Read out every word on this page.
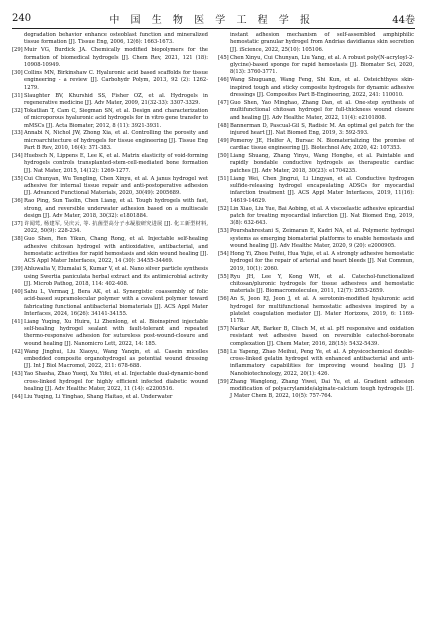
240	中 国 生 物 医 学 工 程 学 报	44卷

degradation behavior enhance osteoblast function and mineralized tissue formation [J]. Tissue Eng, 2006, 12(6): 1663-1673.

[29]Muir VG, Burdick JA. Chemically modified biopolymers for the formation of biomedical hydrogels [J]. Chem Rev, 2021, 121 (18): 10908-10949.

[30]Collins MN, Birkinshaw C. Hyaluronic acid based scaffolds for tissue engineering - a review [J]. Carbohydr Polym, 2013, 92 (2): 1262-1279.

[31]Slaughter BV, Khurshid SS, Fisher OZ, et al. Hydrogels in regenerative medicine [J]. Adv Mater, 2009, 21(32-33): 3307-3329.

[32]Tokatlian T, Cam C, Siegman SN, et al. Design and characterization of microporous hyaluronic acid hydrogels for in vitro gene transfer to mMSCs [J]. Acta Biomater, 2012, 8 (11): 3921-3931.

[33]Annabi N, Nichol JW, Zhong Xia, et al. Controlling the porosity and microarchitecture of hydrogels for tissue engineering [J]. Tissue Eng Part B Rev, 2010, 16(4): 371-383.

[34]Huebsch N, Lippens E, Lee K, et al. Matrix elasticity of void-forming hydrogels controls transplanted-stem-cell-mediated bone formation [J]. Nat Mater, 2015, 14(12): 1269-1277.

[35]Cui Chunyan, Wu Tengling, Chen Xinyu, et al. A janus hydrogel wet adhesive for internal tissue repair and anti-postoperative adhesion [J]. Advanced Functional Materials, 2020, 30(49): 2005689.

[36]Rao Ping, Sun Taolin, Chen Liang, et al. Tough hydrogels with fast, strong, and reversible underwater adhesion based on a multiscale design [J]. Adv Mater, 2018, 30(32): e1801884.

[37]许闻莺, 杨建军, 吴庆云, 等. 抗菌型高分子水凝胶研究进展 [J]. 化工新型材料, 2022, 50(9): 228-234.

[38]Guo Shen, Ren Yikun, Chang Rong, et al. Injectable self-healing adhesive chitosan hydrogel with antioxidative, antibacterial, and hemostatic activities for rapid hemostasis and skin wound healing [J]. ACS Appl Mater Interfaces, 2022, 14 (30): 34455-34469.

[39]Ahluwalia V, Elumalai S, Kumar V, et al. Nano silver particle synthesis using Swertia paniculata herbal extract and its antimicrobial activity [J]. Microb Pathog, 2018, 114: 402-408.

[40]Sahu L, Vermaq J, Bera AK, et al. Synergistic coassembly of folic acid-based supramolecular polymer with a covalent polymer toward fabricating functional antibacterial biomaterials [J]. ACS Appl Mater Interfaces, 2024, 16(26): 34141-34155.

[41]Liang Yuqing, Xu Huiru, Li Zhenlong, et al. Bioinspired injectable self-healing hydrogel sealant with fault-tolerant and repeated thermo-responsive adhesion for sutureless post-wound-closure and wound healing [J]. Nanomicro Lett, 2022, 14: 185.

[42]Wang Jinghui, Liu Xiaoyu, Wang Yanqin, et al. Casein micelles embedded composite organohydrogel as potential wound dressing [J]. Int J Biol Macromol, 2022, 211: 678-688.

[43]Yao Shasha, Zhao Yueqi, Xu Yifei, et al. Injectable dual-dynamic-bond cross-linked hydrogel for highly efficient infected diabetic wound healing [J]. Adv Healthc Mater, 2022, 11 (14): e2200516.

[44]Liu Yuqing, Li Yinghao, Shang Haitao, et al. Underwater

instant adhesion mechanism of self-assembled amphiphilic hemostatic granular hydrogel from Andrias davidianus skin secretion [J]. iScience, 2022, 25(10): 105106.

[45]Chen Xinyu, Cui Chunyan, Liu Yang, et al. A robust poly(N-acryloyl-2-glycine)-based sponge for rapid hemostasis [J]. Biomater Sci, 2020, 8(13): 3760-3771.

[46]Wang Shuguang, Wang Feng, Shi Kun, et al. Osteichthyes skin-inspired tough and sticky composite hydrogels for dynamic adhesive dressings [J]. Composites Part B-Engineering, 2022, 241: 110010.

[47]Guo Shen, Yao Minghao, Zhang Dan, et al. One-step synthesis of multifunctional chitosan hydrogel for full-thickness wound closure and healing [J]. Adv Healthc Mater, 2022, 11(4): e2101808.

[48]Bannerman D, Pascual-Gil S, Radisic M. An optimal gel patch for the injured heart [J]. Nat Biomed Eng, 2019, 3: 592-593.

[49]Pomeroy JE, Helfer A, Bursac N. Biomaterializing the promise of cardiac tissue engineering [J]. Biotechnol Adv, 2020, 42: 107353.

[50]Liang Shuang, Zhang Yinyu, Wang Honghe, et al. Paintable and rapidly bondable conductive hydrogels as therapeutic cardiac patches [J]. Adv Mater, 2018, 30(23): e1704235.

[51]Liang Wei, Chen Jingrui, Li Lingyan, et al. Conductive hydrogen sulfide-releasing hydrogel encapsulating ADSCs for myocardial infarction treatment [J]. ACS Appl Mater Interfaces, 2019, 11(16): 14619-14629.

[52]Lin Xiao, Liu Yue, Bai Aobing, et al. A viscoelastic adhesive epicardial patch for treating myocardial infarction [J]. Nat Biomed Eng, 2019, 3(8): 632-643.

[53]Pourshahrestani S, Zeimaran E, Kadri NA, et al. Polymeric hydrogel systems as emerging biomaterial platforms to enable hemostasis and wound healing [J]. Adv Healthc Mater, 2020, 9 (20): e2000905.

[54]Hong Yi, Zhou Feifei, Hua Yujie, et al. A strongly adhesive hemostatic hydrogel for the repair of arterial and heart bleeds [J]. Nat Commun, 2019, 10(1): 2060.

[55]Ryu JH, Lee Y, Kong WH, et al. Catechol-functionalized chitosan/pluronic hydrogels for tissue adhesives and hemostatic materials [J]. Biomacromolecules, 2011, 12(7): 2653-2659.

[56]An S, Jeon EJ, Jeon J, et al. A serotonin-modified hyaluronic acid hydrogel for multifunctional hemostatic adhesives inspired by a platelet coagulation mediator [J]. Mater Horizons, 2019, 6: 1169-1178.

[57]Narkar AR, Barker B, Clisch M, et al. pH responsive and oxidation resistant wet adhesive based on reversible catechol-boronate complexation [J]. Chem Mater, 2016, 28(15): 5432-5439.

[58]Lu Yapeng, Zhao Meihui, Peng Ye, et al. A physicochemical double-cross-linked gelatin hydrogel with enhanced antibacterial and anti-inflammatory capabilities for improving wound healing [J]. J Nanobiotechnology, 2022, 20(1): 426.

[59]Zhang Wanglong, Zhang Yiwei, Dai Yu, et al. Gradient adhesion modification of polyacrylamide/alginate-calcium tough hydrogels [J]. J Mater Chem B, 2022, 10(5): 757-764.
